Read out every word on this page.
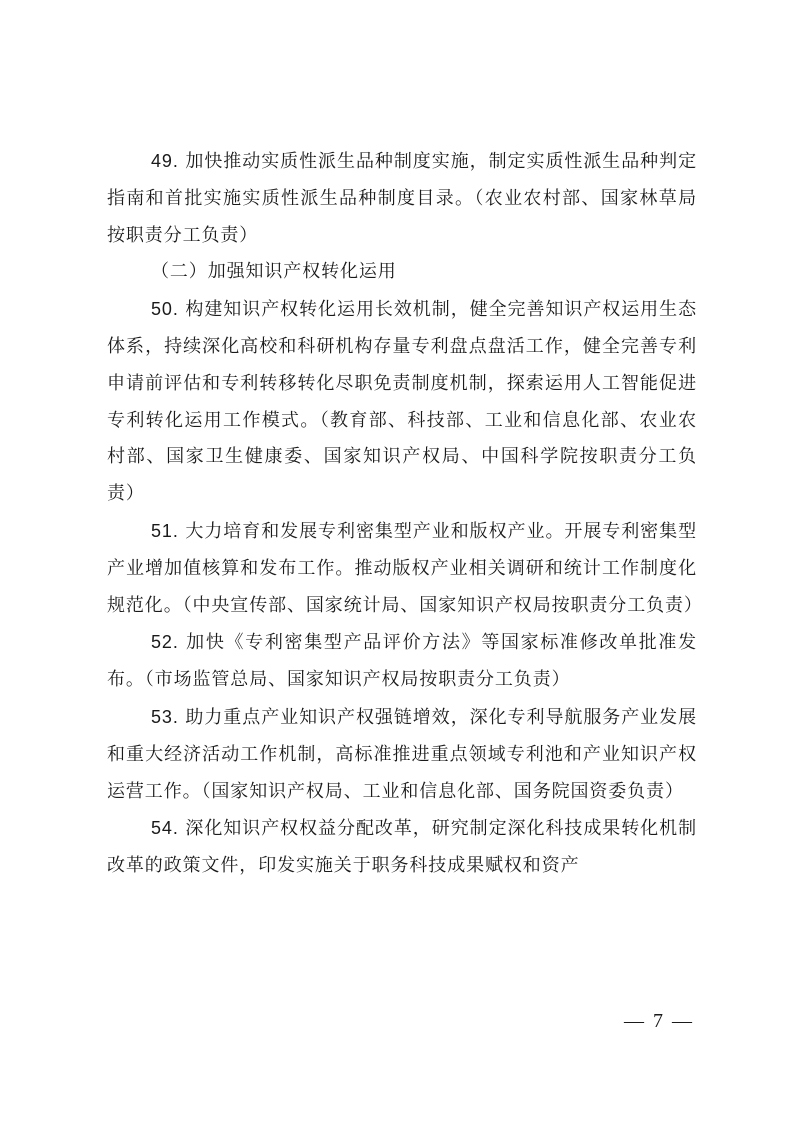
49. 加快推动实质性派生品种制度实施，制定实质性派生品种判定指南和首批实施实质性派生品种制度目录。（农业农村部、国家林草局按职责分工负责）

（二）加强知识产权转化运用

50. 构建知识产权转化运用长效机制，健全完善知识产权运用生态体系，持续深化高校和科研机构存量专利盘点盘活工作，健全完善专利申请前评估和专利转移转化尽职免责制度机制，探索运用人工智能促进专利转化运用工作模式。（教育部、科技部、工业和信息化部、农业农村部、国家卫生健康委、国家知识产权局、中国科学院按职责分工负责）

51. 大力培育和发展专利密集型产业和版权产业。开展专利密集型产业增加值核算和发布工作。推动版权产业相关调研和统计工作制度化规范化。（中央宣传部、国家统计局、国家知识产权局按职责分工负责）

52. 加快《专利密集型产品评价方法》等国家标准修改单批准发布。（市场监管总局、国家知识产权局按职责分工负责）

53. 助力重点产业知识产权强链增效，深化专利导航服务产业发展和重大经济活动工作机制，高标准推进重点领域专利池和产业知识产权运营工作。（国家知识产权局、工业和信息化部、国务院国资委负责）

54. 深化知识产权权益分配改革，研究制定深化科技成果转化机制改革的政策文件，印发实施关于职务科技成果赋权和资产

— 7 —
